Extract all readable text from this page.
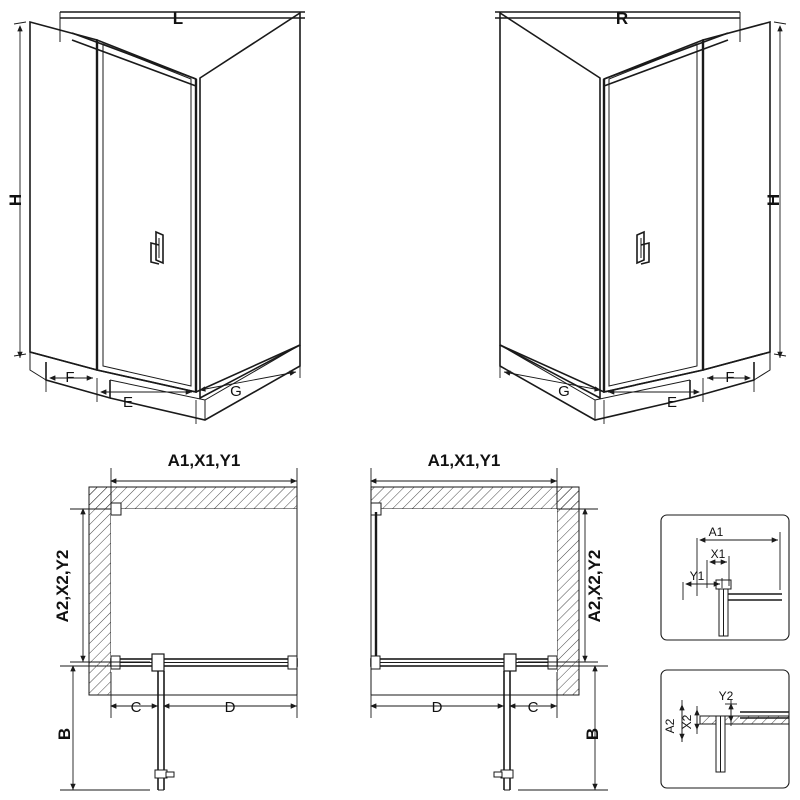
H
F
E
G
L
H
F
E
G
R
A1,X1,Y1
A2,X2,Y2
B
C	D
A1,X1,Y1
A2,X2,Y2
B
D	C
A1
X1
Y1
A2 X2
Y2
